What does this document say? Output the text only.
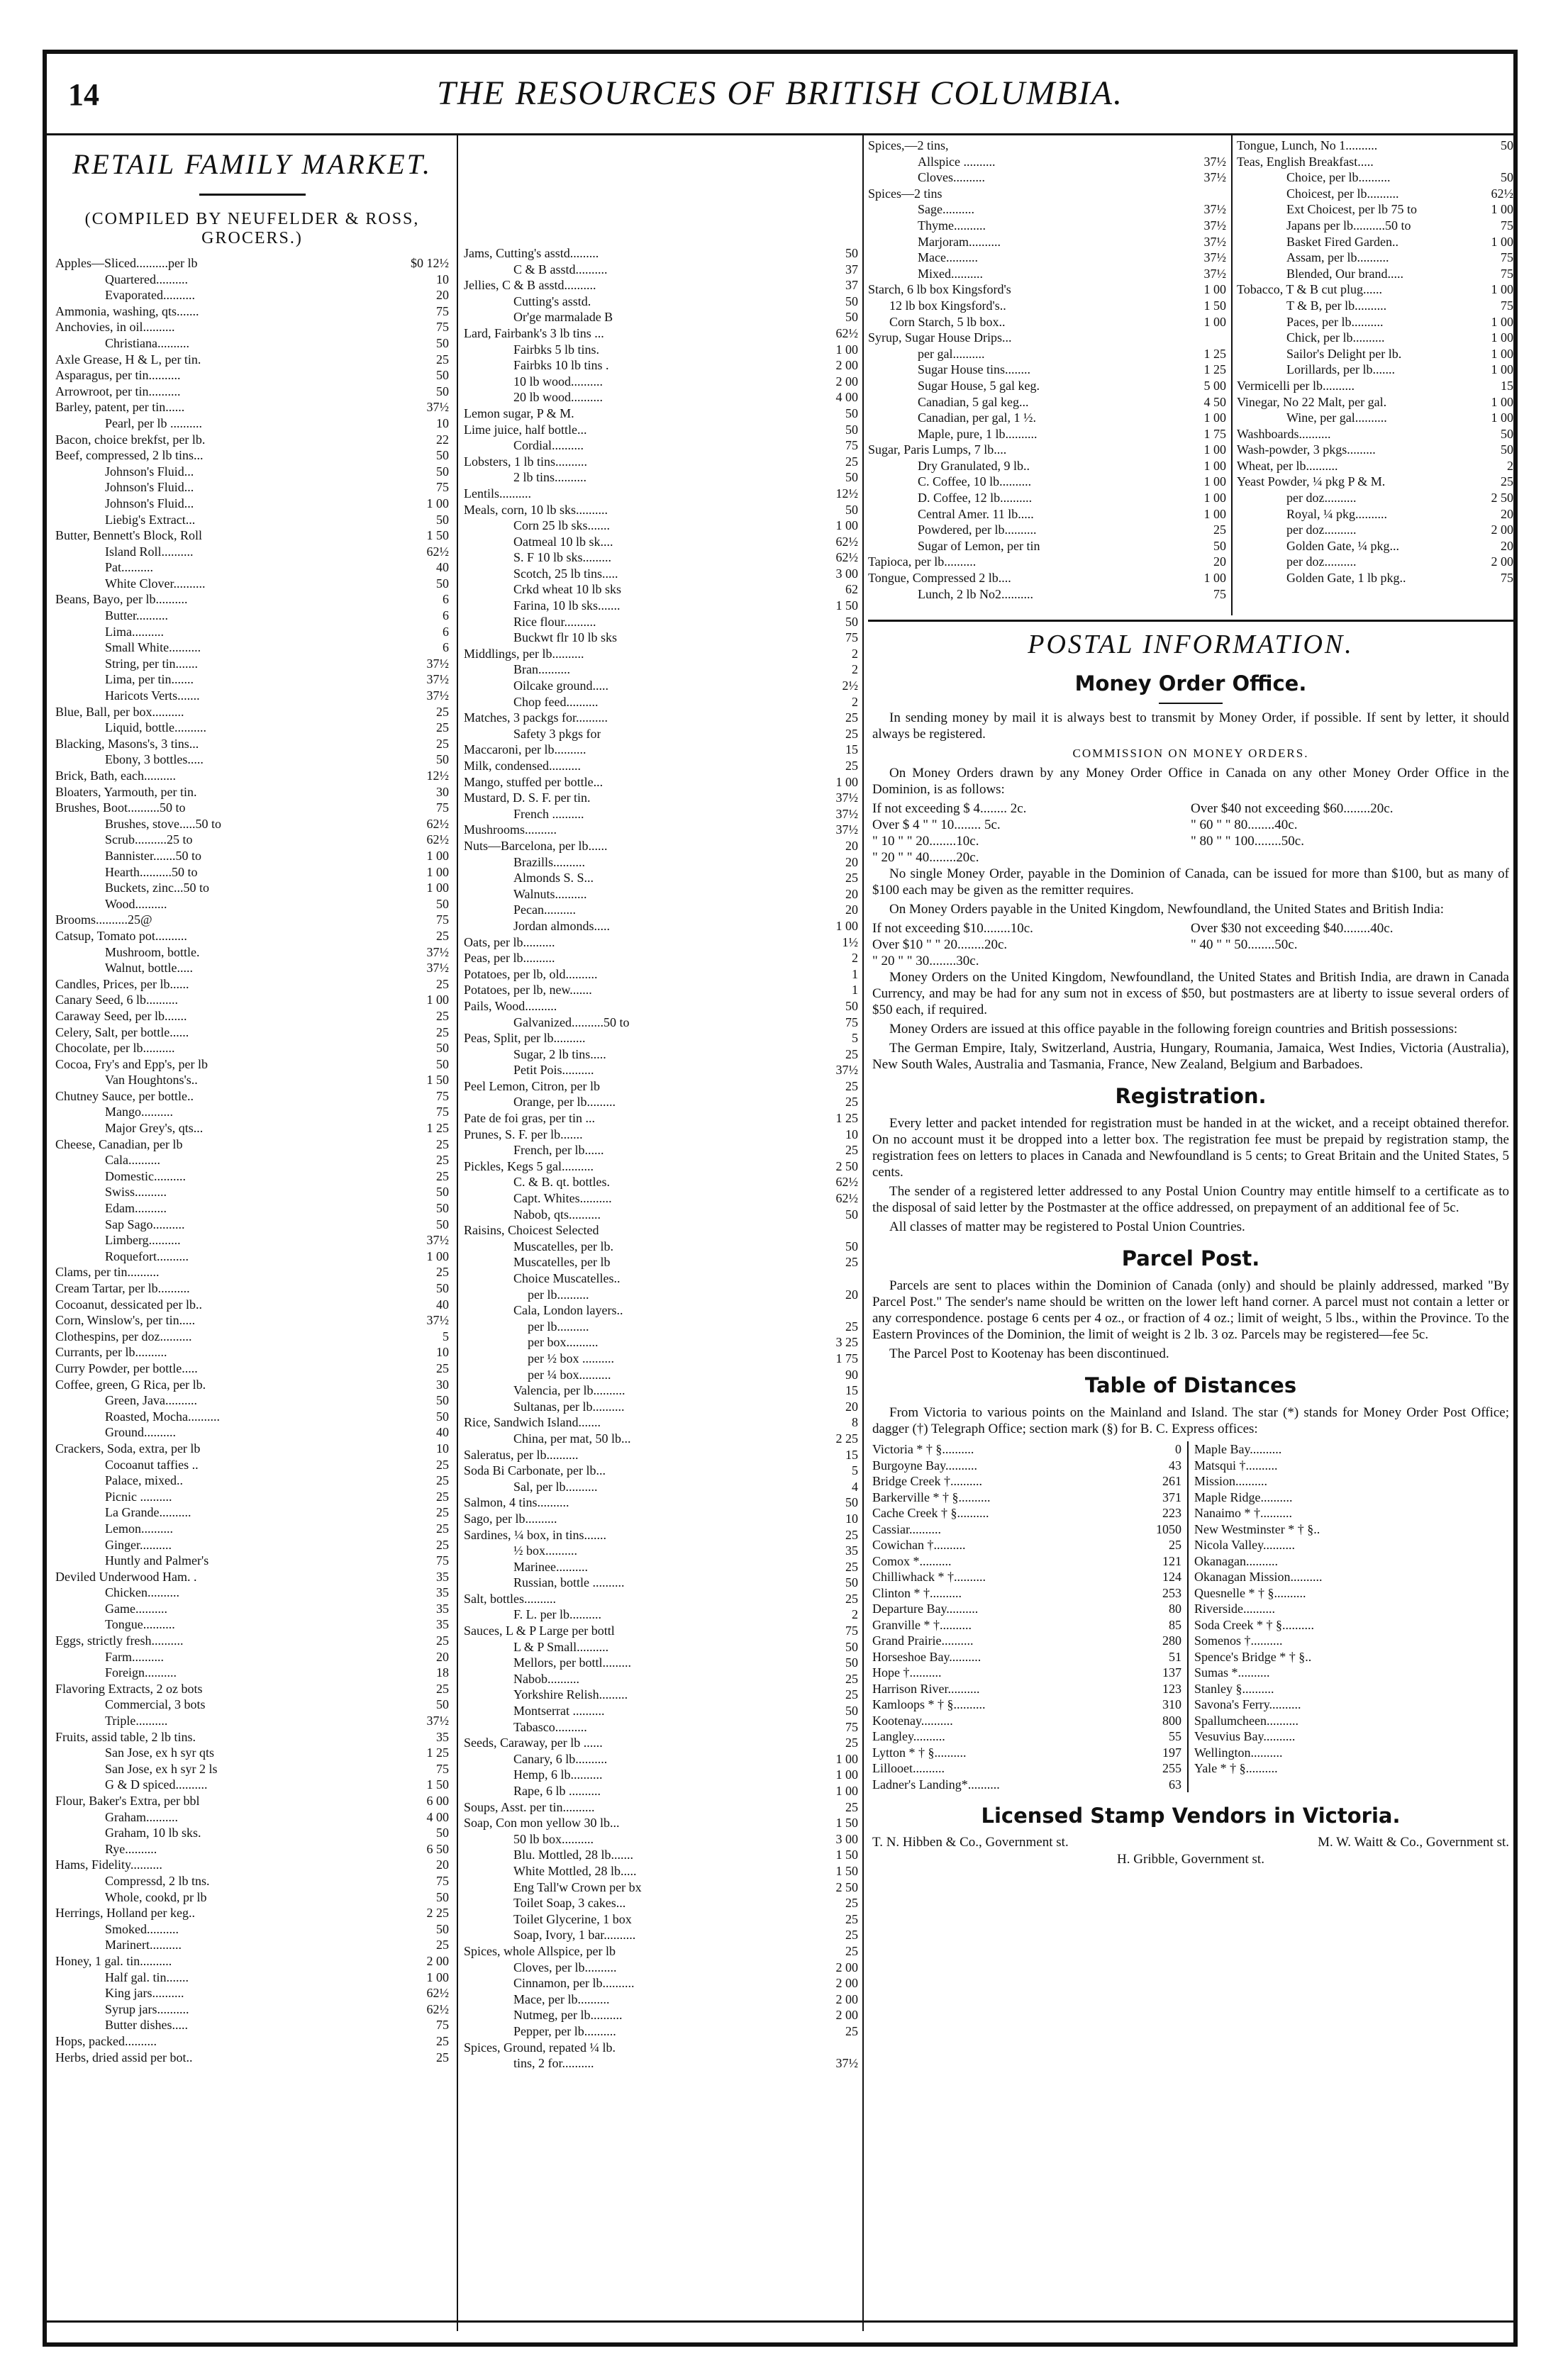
14	THE RESOURCES OF BRITISH COLUMBIA.
RETAIL FAMILY MARKET.
(COMPILED BY NEUFELDER & ROSS, GROCERS.)
Apples—Sliced..........per lb	$0 12½
Quartered..........	10
Evaporated..........	20
Ammonia, washing, qts.......	75
Anchovies, in oil..........	75
Christiana..........	50
Axle Grease, H & L, per tin.	25
Asparagus, per tin..........	50
Arrowroot, per tin..........	50
Barley, patent, per tin......	37½
Pearl, per lb ..........	10
Bacon, choice brekfst, per lb.	22
Beef, compressed, 2 lb tins...	50
Johnson's Fluid...	50
Johnson's Fluid...	75
Johnson's Fluid...	1 00
Liebig's Extract...	50
Butter, Bennett's Block, Roll	1 50
Island Roll..........	62½
Pat..........	40
White Clover..........	50
Beans, Bayo, per lb..........	6
Butter..........	6
Lima..........	6
Small White..........	6
String, per tin.......	37½
Lima, per tin.......	37½
Haricots Verts.......	37½
Blue, Ball, per box..........	25
Liquid, bottle..........	25
Blacking, Masons's, 3 tins...	25
Ebony, 3 bottles.....	50
Brick, Bath, each..........	12½
Bloaters, Yarmouth, per tin.	30
Brushes, Boot..........50 to	75
Brushes, stove.....50 to	62½
Scrub..........25 to	62½
Bannister.......50 to	1 00
Hearth..........50 to	1 00
Buckets, zinc...50 to	1 00
Wood..........	50
Brooms..........25@	75
Catsup, Tomato pot..........	25
Mushroom, bottle.	37½
Walnut, bottle.....	37½
Candles, Prices, per lb......	25
Canary Seed, 6 lb..........	1 00
Caraway Seed, per lb.......	25
Celery, Salt, per bottle......	25
Chocolate, per lb..........	50
Cocoa, Fry's and Epp's, per lb	50
Van Houghtons's..	1 50
Chutney Sauce, per bottle..	75
Mango..........	75
Major Grey's, qts...	1 25
Cheese, Canadian, per lb	25
Cala..........	25
Domestic..........	25
Swiss..........	50
Edam..........	50
Sap Sago..........	50
Limberg..........	37½
Roquefort..........	1 00
Clams, per tin..........	25
Cream Tartar, per lb..........	50
Cocoanut, dessicated per lb..	40
Corn, Winslow's, per tin.....	37½
Clothespins, per doz..........	5
Currants, per lb..........	10
Curry Powder, per bottle.....	25
Coffee, green, G Rica, per lb.	30
Green, Java..........	50
Roasted, Mocha..........	50
Ground..........	40
Crackers, Soda, extra, per lb	10
Cocoanut taffies ..	25
Palace, mixed..	25
Picnic ..........	25
La Grande..........	25
Lemon..........	25
Ginger..........	25
Huntly and Palmer's	75
Deviled Underwood Ham. .	35
Chicken..........	35
Game..........	35
Tongue..........	35
Eggs, strictly fresh..........	25
Farm..........	20
Foreign..........	18
Flavoring Extracts, 2 oz bots	25
Commercial, 3 bots	50
Triple..........	37½
Fruits, assid table, 2 lb tins.	35
San Jose, ex h syr qts	1 25
San Jose, ex h syr 2 ls	75
G & D spiced..........	1 50
Flour, Baker's Extra, per bbl	6 00
Graham..........	4 00
Graham, 10 lb sks.	50
Rye..........	6 50
Hams, Fidelity..........	20
Compressd, 2 lb tns.	75
Whole, cookd, pr lb	50
Herrings, Holland per keg..	2 25
Smoked..........	50
Marinert..........	25
Honey, 1 gal. tin..........	2 00
Half gal. tin.......	1 00
King jars..........	62½
Syrup jars..........	62½
Butter dishes.....	75
Hops, packed..........	25
Herbs, dried assid per bot..	25
Jams, Cutting's asstd.........	50
C & B asstd..........	37
Jellies, C & B asstd..........	37
Cutting's asstd.	50
Or'ge marmalade B	50
Lard, Fairbank's 3 lb tins ...	62½
Fairbks 5 lb tins.	1 00
Fairbks 10 lb tins .	2 00
10 lb wood..........	2 00
20 lb wood..........	4 00
Lemon sugar, P & M.	50
Lime juice, half bottle...	50
Cordial..........	75
Lobsters, 1 lb tins..........	25
2 lb tins..........	50
Lentils..........	12½
Meals, corn, 10 lb sks..........	50
Corn 25 lb sks.......	1 00
Oatmeal 10 lb sk....	62½
S. F 10 lb sks.........	62½
Scotch, 25 lb tins.....	3 00
Crkd wheat 10 lb sks	62
Farina, 10 lb sks.......	1 50
Rice flour..........	50
Buckwt flr 10 lb sks	75
Middlings, per lb..........	2
Bran..........	2
Oilcake ground.....	2½
Chop feed..........	2
Matches, 3 packgs for..........	25
Safety 3 pkgs for	25
Maccaroni, per lb..........	15
Milk, condensed..........	25
Mango, stuffed per bottle...	1 00
Mustard, D. S. F. per tin.	37½
French ..........	37½
Mushrooms..........	37½
Nuts—Barcelona, per lb......	20
Brazills..........	20
Almonds S. S...	25
Walnuts..........	20
Pecan..........	20
Jordan almonds.....	1 00
Oats, per lb..........	1½
Peas, per lb..........	2
Potatoes, per lb, old..........	1
Potatoes, per lb, new.......	1
Pails, Wood..........	50
Galvanized..........50 to	75
Peas, Split, per lb..........	5
Sugar, 2 lb tins.....	25
Petit Pois..........	37½
Peel Lemon, Citron, per lb	25
Orange, per lb.........	25
Pate de foi gras, per tin ...	1 25
Prunes, S. F. per lb.......	10
French, per lb......	25
Pickles, Kegs 5 gal..........	2 50
C. & B. qt. bottles.	62½
Capt. Whites..........	62½
Nabob, qts..........	50
Raisins, Choicest Selected
Muscatelles, per lb.	50
Muscatelles, per lb	25
Choice Muscatelles..
per lb..........	20
Cala, London layers..
per lb..........	25
per box..........	3 25
per ½ box ..........	1 75
per ¼ box..........	90
Valencia, per lb..........	15
Sultanas, per lb..........	20
Rice, Sandwich Island.......	8
China, per mat, 50 lb...	2 25
Saleratus, per lb..........	15
Soda Bi Carbonate, per lb...	5
Sal, per lb..........	4
Salmon, 4 tins..........	50
Sago, per lb..........	10
Sardines, ¼ box, in tins.......	25
½ box..........	35
Marinee..........	25
Russian, bottle ..........	50
Salt, bottles..........	25
F. L. per lb..........	2
Sauces, L & P Large per bottl	75
L & P Small..........	50
Mellors, per bottl.........	50
Nabob..........	25
Yorkshire Relish.........	25
Montserrat ..........	50
Tabasco..........	75
Seeds, Caraway, per lb ......	25
Canary, 6 lb..........	1 00
Hemp, 6 lb..........	1 00
Rape, 6 lb ..........	1 00
Soups, Asst. per tin..........	25
Soap, Con mon yellow 30 lb...	1 50
50 lb box..........	3 00
Blu. Mottled, 28 lb.......	1 50
White Mottled, 28 lb.....	1 50
Eng Tall'w Crown per bx	2 50
Toilet Soap, 3 cakes...	25
Toilet Glycerine, 1 box	25
Soap, Ivory, 1 bar..........	25
Spices, whole Allspice, per lb	25
Cloves, per lb..........	2 00
Cinnamon, per lb..........	2 00
Mace, per lb..........	2 00
Nutmeg, per lb..........	2 00
Pepper, per lb..........	25
Spices, Ground, repated ¼ lb.
tins, 2 for..........	37½
Spices,—2 tins,
Allspice ..........	37½
Cloves..........	37½
Spices—2 tins
Sage..........	37½
Thyme..........	37½
Marjoram..........	37½
Mace..........	37½
Mixed..........	37½
Starch, 6 lb box Kingsford's	1 00
12 lb box Kingsford's..	1 50
Corn Starch, 5 lb box..	1 00
Syrup, Sugar House Drips...
per gal..........	1 25
Sugar House tins........	1 25
Sugar House, 5 gal keg.	5 00
Canadian, 5 gal keg...	4 50
Canadian, per gal, 1 ½.	1 00
Maple, pure, 1 lb..........	1 75
Sugar, Paris Lumps, 7 lb....	1 00
Dry Granulated, 9 lb..	1 00
C. Coffee, 10 lb..........	1 00
D. Coffee, 12 lb..........	1 00
Central Amer. 11 lb.....	1 00
Powdered, per lb..........	25
Sugar of Lemon, per tin	50
Tapioca, per lb..........	20
Tongue, Compressed 2 lb....	1 00
Lunch, 2 lb No2..........	75
Tongue, Lunch, No 1..........	50
Teas, English Breakfast.....
Choice, per lb..........	50
Choicest, per lb..........	62½
Ext Choicest, per lb 75 to	1 00
Japans per lb..........50 to	75
Basket Fired Garden..	1 00
Assam, per lb..........	75
Blended, Our brand.....	75
Tobacco, T & B cut plug......	1 00
T & B, per lb..........	75
Paces, per lb..........	1 00
Chick, per lb..........	1 00
Sailor's Delight per lb.	1 00
Lorillards, per lb.......	1 00
Vermicelli per lb..........	15
Vinegar, No 22 Malt, per gal.	1 00
Wine, per gal..........	1 00
Washboards..........	50
Wash-powder, 3 pkgs.........	50
Wheat, per lb..........	2
Yeast Powder, ¼ pkg P & M.	25
per doz..........	2 50
Royal, ¼ pkg..........	20
per doz..........	2 00
Golden Gate, ¼ pkg...	20
per doz..........	2 00
Golden Gate, 1 lb pkg..	75
POSTAL INFORMATION.
Money Order Office.

In sending money by mail it is always best to transmit by Money Order, if possible. If sent by letter, it should always be registered.

COMMISSION ON MONEY ORDERS.

On Money Orders drawn by any Money Order Office in Canada on any other Money Order Office in the Dominion, is as follows:

If not exceeding $ 4........ 2c.	Over $40 not exceeding $60........20c.
Over $ 4 " " 10........ 5c.	" 60 " " 80........40c.
" 10 " " 20........10c.	" 80 " " 100........50c.
" 20 " " 40........20c.

No single Money Order, payable in the Dominion of Canada, can be issued for more than $100, but as many of $100 each may be given as the remitter requires.

On Money Orders payable in the United Kingdom, Newfoundland, the United States and British India:

If not exceeding $10........10c.	Over $30 not exceeding $40........40c.
Over $10 " " 20........20c.	" 40 " " 50........50c.
" 20 " " 30........30c.

Money Orders on the United Kingdom, Newfoundland, the United States and British India, are drawn in Canada Currency, and may be had for any sum not in excess of $50, but postmasters are at liberty to issue several orders of $50 each, if required.

Money Orders are issued at this office payable in the following foreign countries and British possessions:

The German Empire, Italy, Switzerland, Austria, Hungary, Roumania, Jamaica, West Indies, Victoria (Australia), New South Wales, Australia and Tasmania, France, New Zealand, Belgium and Barbadoes.

Registration.

Every letter and packet intended for registration must be handed in at the wicket, and a receipt obtained therefor. On no account must it be dropped into a letter box. The registration fee must be prepaid by registration stamp, the registration fees on letters to places in Canada and Newfoundland is 5 cents; to Great Britain and the United States, 5 cents.

The sender of a registered letter addressed to any Postal Union Country may entitle himself to a certificate as to the disposal of said letter by the Postmaster at the office addressed, on prepayment of an additional fee of 5c.

All classes of matter may be registered to Postal Union Countries.

Parcel Post.

Parcels are sent to places within the Dominion of Canada (only) and should be plainly addressed, marked "By Parcel Post." The sender's name should be written on the lower left hand corner. A parcel must not contain a letter or any correspondence. postage 6 cents per 4 oz., or fraction of 4 oz.; limit of weight, 5 lbs., within the Province. To the Eastern Provinces of the Dominion, the limit of weight is 2 lb. 3 oz. Parcels may be registered—fee 5c.

The Parcel Post to Kootenay has been discontinued.

Table of Distances

From Victoria to various points on the Mainland and Island. The star (*) stands for Money Order Post Office; dagger (†) Telegraph Office; section mark (§) for B. C. Express offices:

Victoria * † §..........	0
Burgoyne Bay..........	43
Bridge Creek †..........	261
Barkerville * † §..........	371
Cache Creek † §..........	223
Cassiar..........	1050
Cowichan †..........	25
Comox *..........	121
Chilliwhack * †..........	124
Clinton * †..........	253
Departure Bay..........	80
Granville * †..........	85
Grand Prairie..........	280
Horseshoe Bay..........	51
Hope †..........	137
Harrison River..........	123
Kamloops * † §..........	310
Kootenay..........	800
Langley..........	55
Lytton * † §..........	197
Lillooet..........	255
Ladner's Landing*..........	63
Maple Bay..........
Matsqui †..........
Mission..........
Maple Ridge..........
Nanaimo * †..........
New Westminster * † §..
Nicola Valley..........
Okanagan..........
Okanagan Mission..........
Quesnelle * † §..........
Riverside..........
Soda Creek * † §..........
Somenos †..........
Spence's Bridge * † §..
Sumas *..........
Stanley §..........
Savona's Ferry..........
Spallumcheen..........
Vesuvius Bay..........
Wellington..........
Yale * † §..........
Licensed Stamp Vendors in Victoria.
T. N. Hibben & Co., Government st.	M. W. Waitt & Co., Government st.
H. Gribble, Government st.
